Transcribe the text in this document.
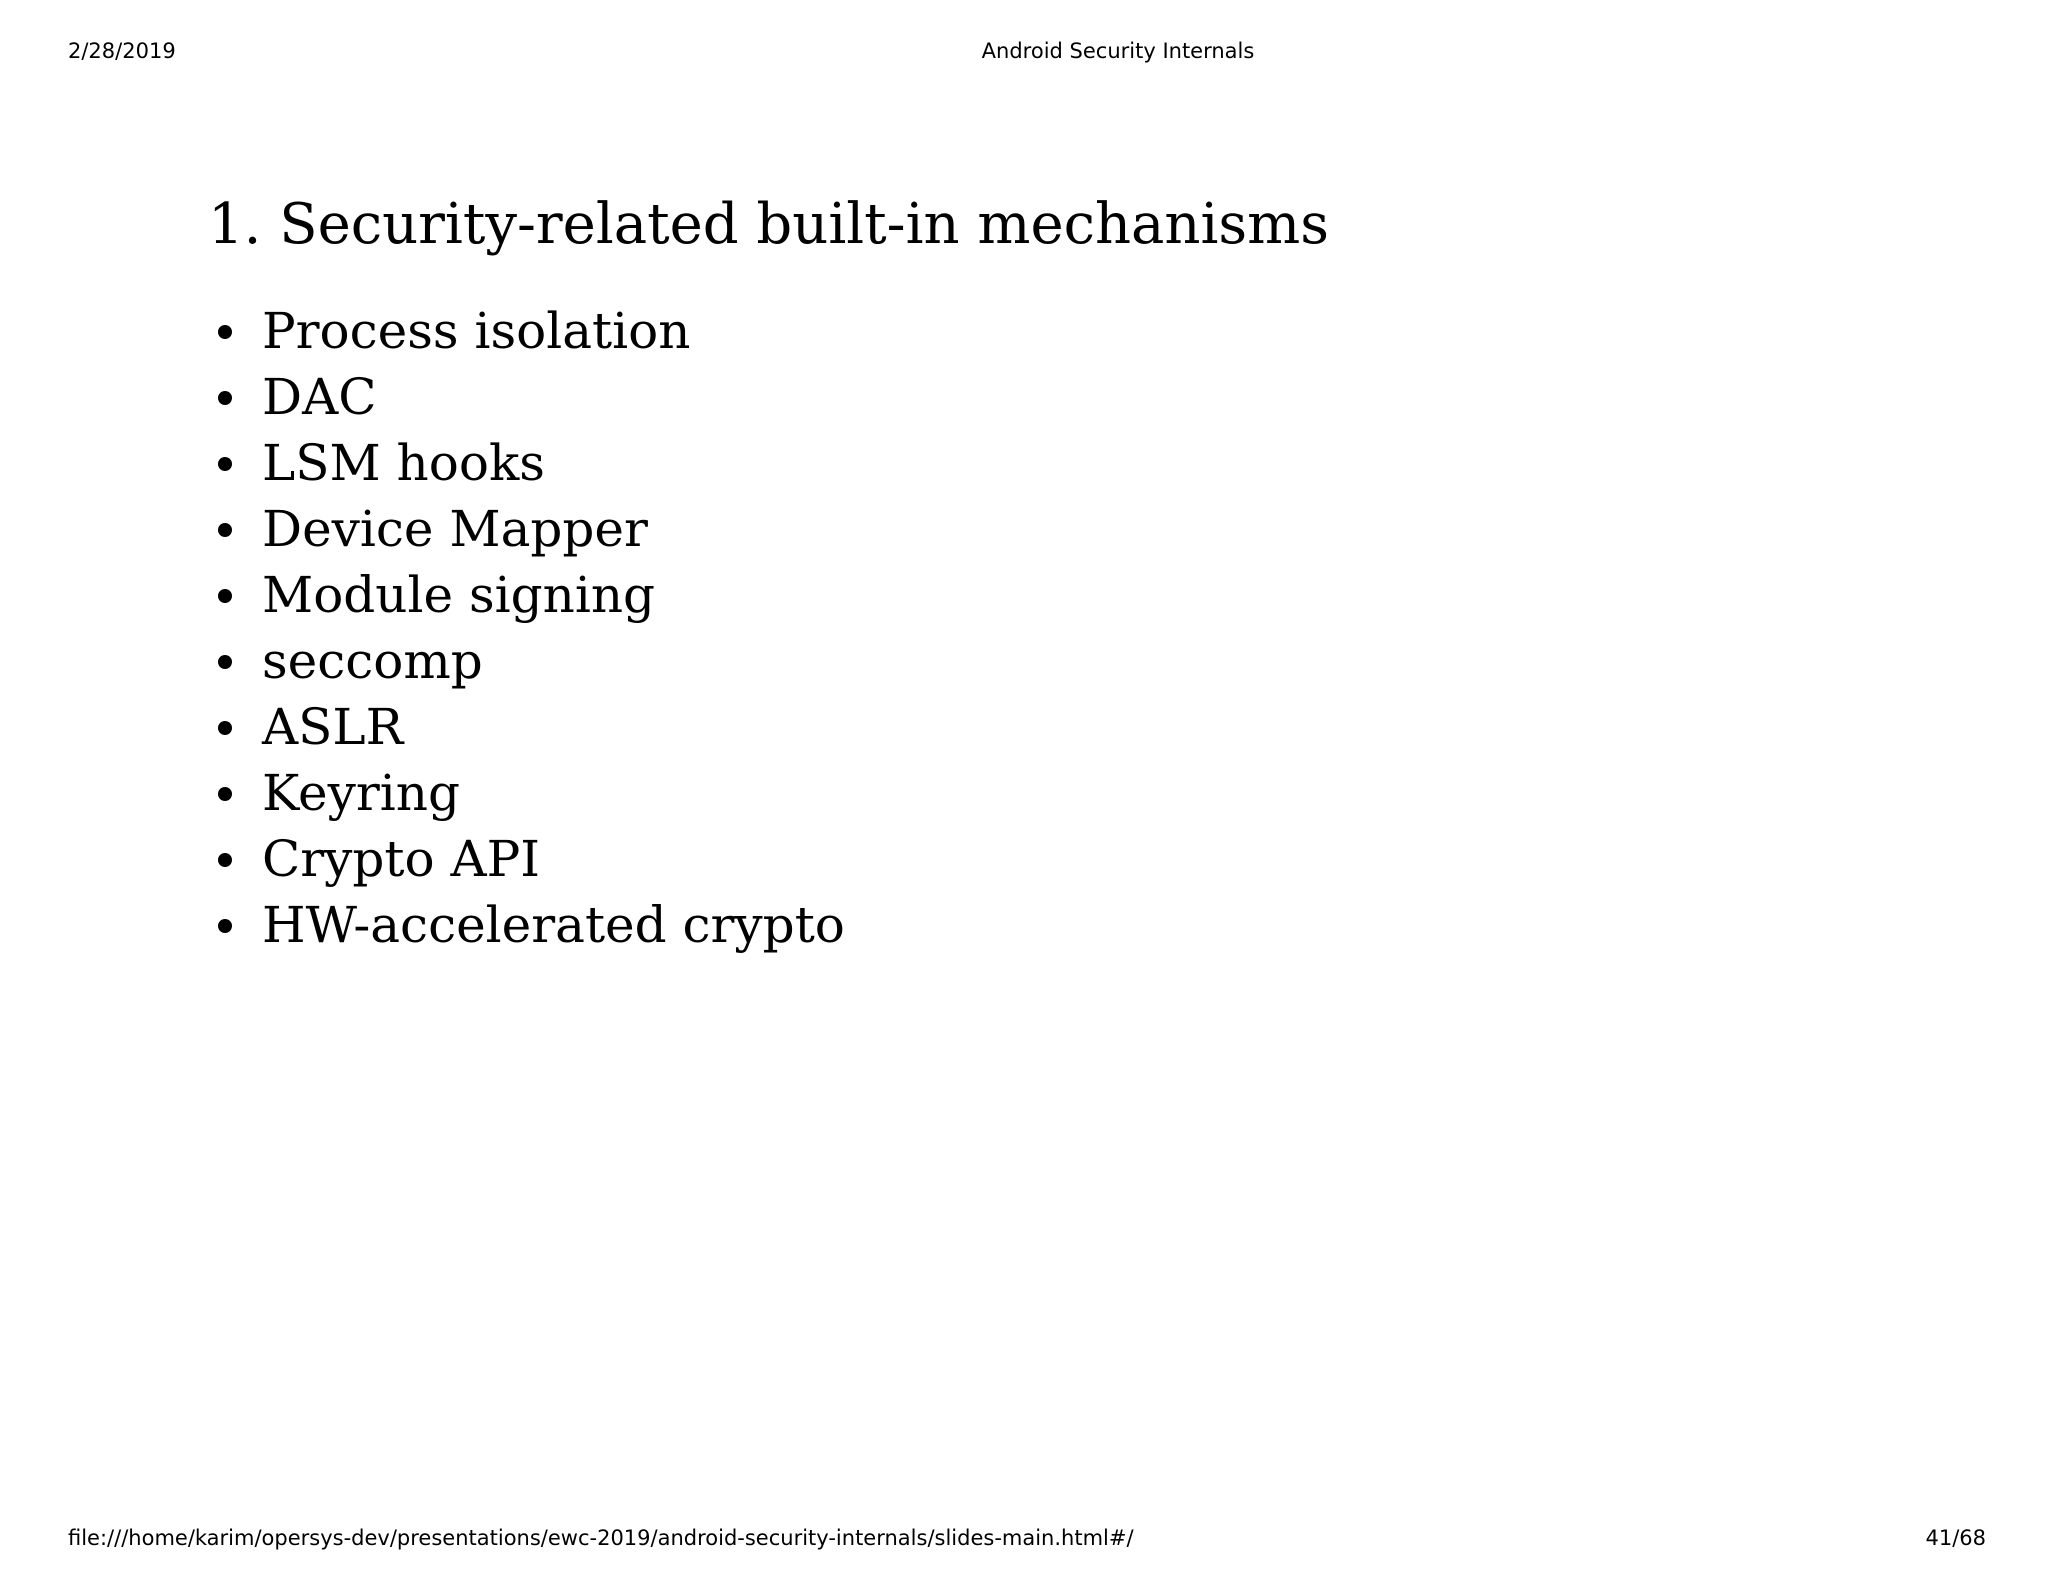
2/28/2019	Android Security Internals
1. Security-related built-in mechanisms
Process isolation
DAC
LSM hooks
Device Mapper
Module signing
seccomp
ASLR
Keyring
Crypto API
HW-accelerated crypto
file:///home/karim/opersys-dev/presentations/ewc-2019/android-security-internals/slides-main.html#/	41/68
